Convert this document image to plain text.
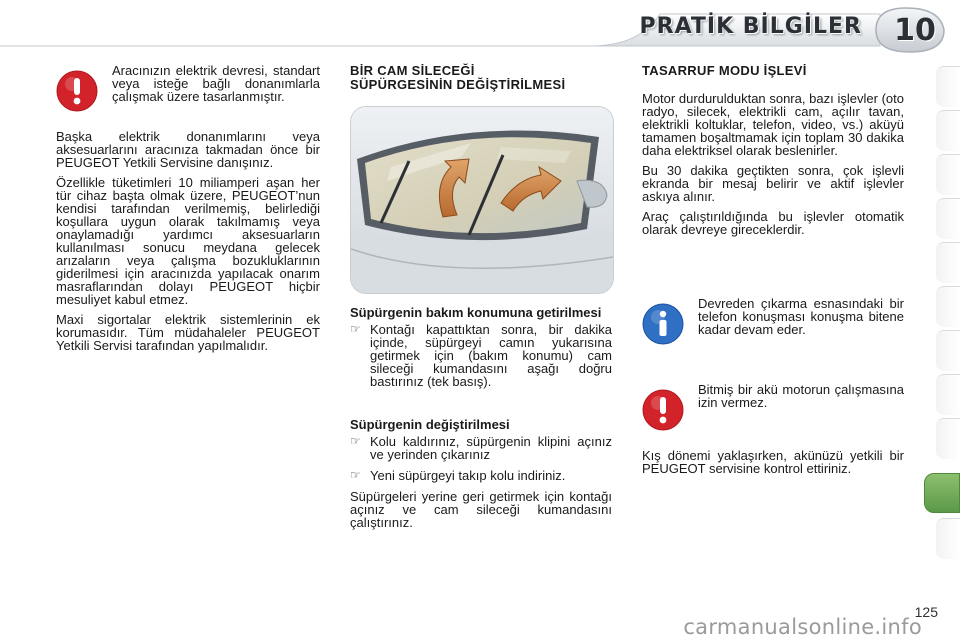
PRATİK BİLGİLER 10
Aracınızın elektrik devresi, standart veya isteğe bağlı donanımlarla çalışmak üzere tasarlanmıştır.

Başka elektrik donanımlarını veya aksesuarlarını aracınıza takmadan önce bir PEUGEOT Yetkili Servisine danışınız.

Özellikle tüketimleri 10 miliamperi aşan her tür cihaz başta olmak üzere, PEUGEOT’nun kendisi tarafından verilmemiş, belirlediği koşullara uygun olarak takılmamış veya onaylamadığı yardımcı aksesuarların kullanılması sonucu meydana gelecek arızaların veya çalışma bozukluklarının giderilmesi için aracınızda yapılacak onarım masraflarından dolayı PEUGEOT hiçbir mesuliyet kabul etmez.

Maxi sigortalar elektrik sistemlerinin ek korumasıdır. Tüm müdahaleler PEUGEOT Yetkili Servisi tarafından yapılmalıdır.

BİR CAM SİLECEĞİ
SÜPÜRGESİNİN DEĞİŞTİRİLMESİ
Süpürgenin bakım konumuna getirilmesi
☞ Kontağı kapattıktan sonra, bir dakika içinde, süpürgeyi camın yukarısına getirmek için (bakım konumu) cam sileceği kumandasını aşağı doğru bastırınız (tek basış).
Süpürgenin değiştirilmesi
☞ Kolu kaldırınız, süpürgenin klipini açınız ve yerinden çıkarınız
☞ Yeni süpürgeyi takıp kolu indiriniz.

Süpürgeleri yerine geri getirmek için kontağı açınız ve cam sileceği kumandasını çalıştırınız.

TASARRUF MODU İŞLEVİ

Motor durdurulduktan sonra, bazı işlevler (oto radyo, silecek, elektrikli cam, açılır tavan, elektrikli koltuklar, telefon, video, vs.) aküyü tamamen boşaltmamak için toplam 30 dakika daha elektriksel olarak beslenirler.

Bu 30 dakika geçtikten sonra, çok işlevli ekranda bir mesaj belirir ve aktif işlevler askıya alınır.

Araç çalıştırıldığında bu işlevler otomatik olarak devreye gireceklerdir.

Devreden çıkarma esnasındaki bir telefon konuşması konuşma bitene kadar devam eder.
Bitmiş bir akü motorun çalışmasına izin vermez.

Kış dönemi yaklaşırken, akünüzü yetkili bir PEUGEOT servisine kontrol ettiriniz.

125
carmanualsonline.info
